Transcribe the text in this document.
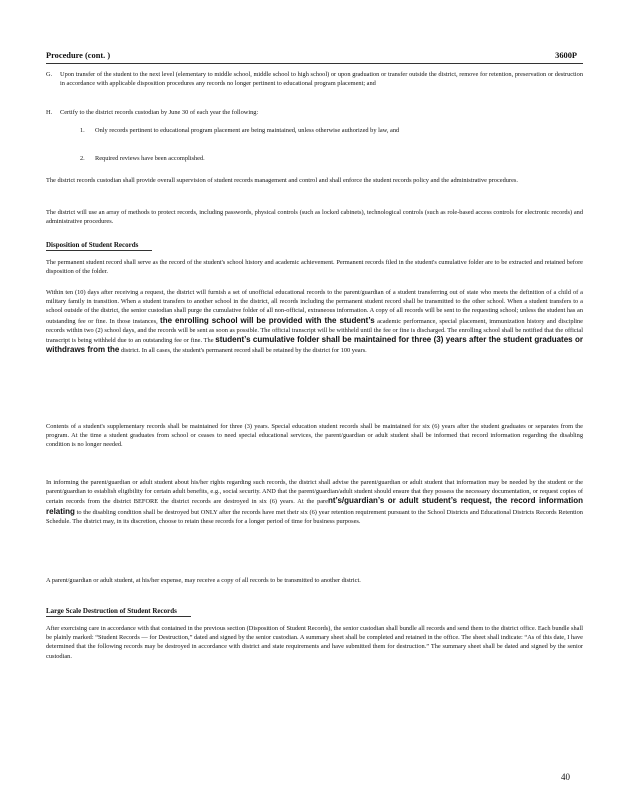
Procedure (cont. )	3600P
G. Upon transfer of the student to the next level (elementary to middle school, middle school to high school) or upon graduation or transfer outside the district, remove for retention, preservation or destruction in accordance with applicable disposition procedures any records no longer pertinent to educational program placement; and

H. Certify to the district records custodian by June 30 of each year the following:

1. Only records pertinent to educational program placement are being maintained, unless otherwise authorized by law, and

2. Required reviews have been accomplished.

The district records custodian shall provide overall supervision of student records management and control and shall enforce the student records policy and the administrative procedures.

The district will use an array of methods to protect records, including passwords, physical controls (such as locked cabinets), technological controls (such as role-based access controls for electronic records) and administrative procedures.

Disposition of Student Records

The permanent student record shall serve as the record of the student's school history and academic achievement. Permanent records filed in the student's cumulative folder are to be extracted and retained before disposition of the folder.

Within ten (10) days after receiving a request, the district will furnish a set of unofficial educational records to the parent/guardian of a student transferring out of state who meets the definition of a child of a military family in transition. When a student transfers to another school in the district, all records including the permanent student record shall be transmitted to the other school. When a student transfers to a school outside of the district, the senior custodian shall purge the cumulative folder of all non-official, extraneous information. A copy of all records will be sent to the requesting school; unless the student has an outstanding fee or fine. In those instances, the enrolling school will be provided with the student’s academic performance, special placement, immunization history and discipline records within two (2) school days, and the records will be sent as soon as possible. The official transcript will be withheld until the fee or fine is discharged. The enrolling school shall be notified that the official transcript is being withheld due to an outstanding fee or fine. The student’s cumulative folder shall be maintained for three (3) years after the student graduates or withdraws from the district. In all cases, the student's permanent record shall be retained by the district for 100 years.

Contents of a student's supplementary records shall be maintained for three (3) years. Special education student records shall be maintained for six (6) years after the student graduates or separates from the program. At the time a student graduates from school or ceases to need special educational services, the parent/guardian or adult student shall be informed that record information regarding the disabling condition is no longer needed.

In informing the parent/guardian or adult student about his/her rights regarding such records, the district shall advise the parent/guardian or adult student that information may be needed by the student or the parent/guardian to establish eligibility for certain adult benefits, e.g., social security. AND that the parent/guardian/adult student should ensure that they possess the necessary documentation, or request copies of certain records from the district BEFORE the district records are destroyed in six (6) years. At the parent’s/guardian’s or adult student’s request, the record information relating to the disabling condition shall be destroyed but ONLY after the records have met their six (6) year retention requirement pursuant to the School Districts and Educational Districts Records Retention Schedule. The district may, in its discretion, choose to retain these records for a longer period of time for business purposes.

A parent/guardian or adult student, at his/her expense, may receive a copy of all records to be transmitted to another district.

Large Scale Destruction of Student Records

After exercising care in accordance with that contained in the previous section (Disposition of Student Records), the senior custodian shall bundle all records and send them to the district office. Each bundle shall be plainly marked: “Student Records — for Destruction,” dated and signed by the senior custodian. A summary sheet shall be completed and retained in the office. The sheet shall indicate: “As of this date, I have determined that the following records may be destroyed in accordance with district and state requirements and have submitted them for destruction.” The summary sheet shall be dated and signed by the senior custodian.

40
